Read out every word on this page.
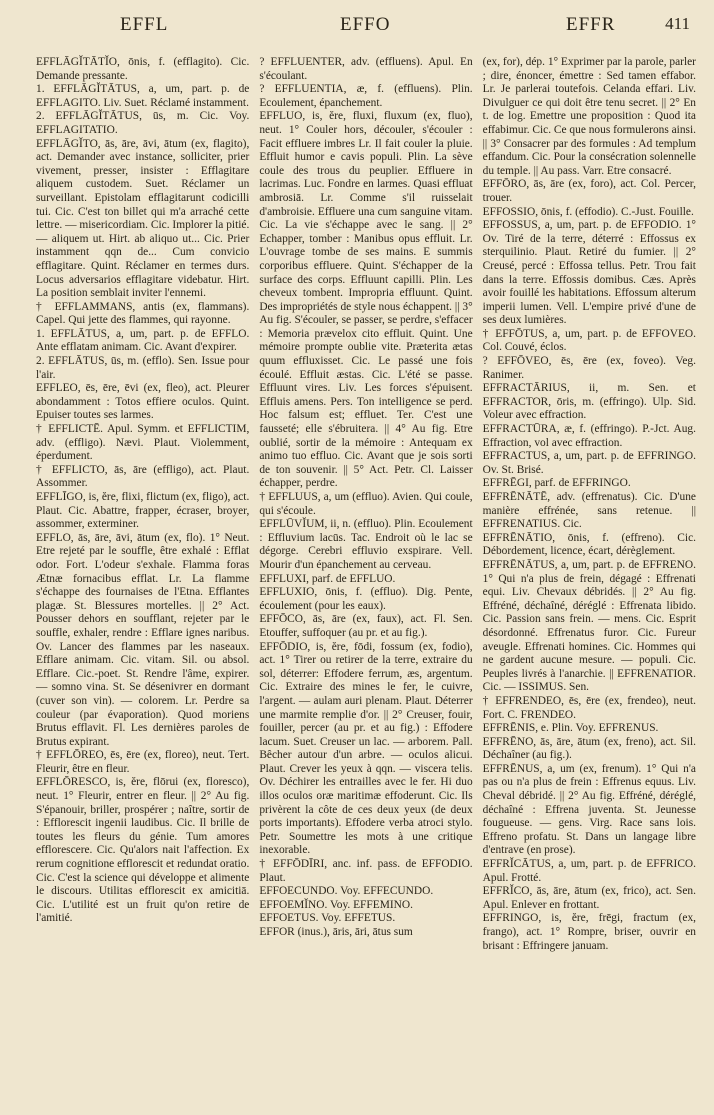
EFFL	EFFO	EFFR	411

EFFLĀGĬTĀTĬO, ōnis, f. (efflagito). Cic. Demande pressante.

1. EFFLĀGĬTĀTUS, a, um, part. p. de EFFLAGITO. Liv. Suet. Réclamé instamment.

2. EFFLĀGĬTĀTUS, ūs, m. Cic. Voy. EFFLAGITATIO.

EFFLĀGĬTO, ās, āre, āvi, ātum (ex, flagito), act. Demander avec instance, solliciter, prier vivement, presser, insister : Efflagitare aliquem custodem. Suet. Réclamer un surveillant. Epistolam efflagitarunt codicilli tui. Cic. C'est ton billet qui m'a arraché cette lettre. — misericordiam. Cic. Implorer la pitié. — aliquem ut. Hirt. ab aliquo ut... Cic. Prier instamment qqn de... Cum convicio efflagitare. Quint. Réclamer en termes durs. Locus adversarios efflagitare videbatur. Hirt. La position semblait inviter l'ennemi.

† EFFLAMMANS, antis (ex, flammans). Capel. Qui jette des flammes, qui rayonne.

1. EFFLĀTUS, a, um, part. p. de EFFLO. Ante efflatam animam. Cic. Avant d'expirer.

2. EFFLĀTUS, ūs, m. (efflo). Sen. Issue pour l'air.

EFFLEO, ēs, ēre, ēvi (ex, fleo), act. Pleurer abondamment : Totos effiere oculos. Quint. Epuiser toutes ses larmes.

† EFFLICTĒ. Apul. Symm. et EFFLICTIM, adv. (effligo). Nævi. Plaut. Violemment, éperdument.

† EFFLICTO, ās, āre (effligo), act. Plaut. Assommer.

EFFLĪGO, is, ĕre, flixi, flictum (ex, fligo), act. Plaut. Cic. Abattre, frapper, écraser, broyer, assommer, exterminer.

EFFLO, ās, āre, āvi, ātum (ex, flo). 1° Neut. Etre rejeté par le souffle, être exhalé : Efflat odor. Fort. L'odeur s'exhale. Flamma foras Ætnæ fornacibus efflat. Lr. La flamme s'échappe des fournaises de l'Etna. Efflantes plagæ. St. Blessures mortelles. || 2° Act. Pousser dehors en soufflant, rejeter par le souffle, exhaler, rendre : Efflare ignes naribus. Ov. Lancer des flammes par les naseaux. Efflare animam. Cic. vitam. Sil. ou absol. Efflare. Cic.-poet. St. Rendre l'âme, expirer. — somno vina. St. Se désenivrer en dormant (cuver son vin). — colorem. Lr. Perdre sa couleur (par évaporation). Quod moriens Brutus efflavit. Fl. Les dernières paroles de Brutus expirant.

† EFFLŌREO, ēs, ēre (ex, floreo), neut. Tert. Fleurir, être en fleur.

EFFLŌRESCO, is, ĕre, flōrui (ex, floresco), neut. 1° Fleurir, entrer en fleur. || 2° Au fig. S'épanouir, briller, prospérer ; naître, sortir de : Efflorescit ingenii laudibus. Cic. Il brille de toutes les fleurs du génie. Tum amores efflorescere. Cic. Qu'alors nait l'affection. Ex rerum cognitione efflorescit et redundat oratio. Cic. C'est la science qui développe et alimente le discours. Utilitas efflorescit ex amicitiā. Cic. L'utilité est un fruit qu'on retire de l'amitié.

? EFFLUENTER, adv. (effluens). Apul. En s'écoulant.

? EFFLUENTIA, æ, f. (effluens). Plin. Ecoulement, épanchement.

EFFLUO, is, ĕre, fluxi, fluxum (ex, fluo), neut. 1° Couler hors, découler, s'écouler : Facit effluere imbres Lr. Il fait couler la pluie. Effluit humor e cavis populi. Plin. La sève coule des trous du peuplier. Effluere in lacrimas. Luc. Fondre en larmes. Quasi effluat ambrosiā. Lr. Comme s'il ruisselait d'ambroisie. Effluere una cum sanguine vitam. Cic. La vie s'échappe avec le sang. || 2° Echapper, tomber : Manibus opus effluit. Lr. L'ouvrage tombe de ses mains. E summis corporibus effluere. Quint. S'échapper de la surface des corps. Effluunt capilli. Plin. Les cheveux tombent. Impropria effluunt. Quint. Des impropriétés de style nous échappent. || 3° Au fig. S'écouler, se passer, se perdre, s'effacer : Memoria prævelox cito effluit. Quint. Une mémoire prompte oublie vite. Præterita ætas quum effluxisset. Cic. Le passé une fois écoulé. Effluit æstas. Cic. L'été se passe. Effluunt vires. Liv. Les forces s'épuisent. Effluis amens. Pers. Ton intelligence se perd. Hoc falsum est; effluet. Ter. C'est une fausseté; elle s'ébruitera. || 4° Au fig. Etre oublié, sortir de la mémoire : Antequam ex animo tuo effluo. Cic. Avant que je sois sorti de ton souvenir. || 5° Act. Petr. Cl. Laisser échapper, perdre.

† EFFLUUS, a, um (effluo). Avien. Qui coule, qui s'écoule.

EFFLŪVĬUM, ii, n. (effluo). Plin. Ecoulement : Effluvium lacūs. Tac. Endroit où le lac se dégorge. Cerebri effluvio exspirare. Vell. Mourir d'un épanchement au cerveau.

EFFLUXI, parf. de EFFLUO.

EFFLUXIO, ōnis, f. (effluo). Dig. Pente, écoulement (pour les eaux).

EFFŌCO, ās, āre (ex, faux), act. Fl. Sen. Etouffer, suffoquer (au pr. et au fig.).

EFFŌDIO, is, ĕre, fōdi, fossum (ex, fodio), act. 1° Tirer ou retirer de la terre, extraire du sol, déterrer: Effodere ferrum, æs, argentum. Cic. Extraire des mines le fer, le cuivre, l'argent. — aulam auri plenam. Plaut. Déterrer une marmite remplie d'or. || 2° Creuser, fouir, fouiller, percer (au pr. et au fig.) : Effodere lacum. Suet. Creuser un lac. — arborem. Pall. Bêcher autour d'un arbre. — oculos alicui. Plaut. Crever les yeux à qqn. — viscera telis. Ov. Déchirer les entrailles avec le fer. Hi duo illos oculos oræ maritimæ effoderunt. Cic. Ils privèrent la côte de ces deux yeux (de deux ports importants). Effodere verba atroci stylo. Petr. Soumettre les mots à une critique inexorable.

† EFFŌDĪRI, anc. inf. pass. de EFFODIO. Plaut.

EFFOECUNDO. Voy. EFFECUNDO.

EFFOEMĬNO. Voy. EFFEMINO.

EFFOETUS. Voy. EFFETUS.

EFFOR (inus.), āris, āri, ātus sum

(ex, for), dép. 1° Exprimer par la parole, parler ; dire, énoncer, émettre : Sed tamen effabor. Lr. Je parlerai toutefois. Celanda effari. Liv. Divulguer ce qui doit être tenu secret. || 2° En t. de log. Emettre une proposition : Quod ita effabimur. Cic. Ce que nous formulerons ainsi. || 3° Consacrer par des formules : Ad templum effandum. Cic. Pour la consécration solennelle du temple. || Au pass. Varr. Etre consacré.

EFFŌRO, ās, āre (ex, foro), act. Col. Percer, trouer.

EFFOSSIO, ōnis, f. (effodio). C.-Just. Fouille.

EFFOSSUS, a, um, part. p. de EFFODIO. 1° Ov. Tiré de la terre, déterré : Effossus ex sterquilinio. Plaut. Retiré du fumier. || 2° Creusé, percé : Effossa tellus. Petr. Trou fait dans la terre. Effossis domibus. Cæs. Après avoir fouillé les habitations. Effossum alterum imperii lumen. Vell. L'empire privé d'une de ses deux lumières.

† EFFŌTUS, a, um, part. p. de EFFOVEO. Col. Couvé, éclos.

? EFFŌVEO, ēs, ēre (ex, foveo). Veg. Ranimer.

EFFRACTĀRIUS, ii, m. Sen. et EFFRACTOR, ōris, m. (effringo). Ulp. Sid. Voleur avec effraction.

EFFRACTŪRA, æ, f. (effringo). P.-Jct. Aug. Effraction, vol avec effraction.

EFFRACTUS, a, um, part. p. de EFFRINGO. Ov. St. Brisé.

EFFRĒGI, parf. de EFFRINGO.

EFFRĒNĀTĒ, adv. (effrenatus). Cic. D'une manière effrénée, sans retenue. || EFFRENATIUS. Cic.

EFFRĒNĀTIO, ōnis, f. (effreno). Cic. Débordement, licence, écart, dérèglement.

EFFRĒNĀTUS, a, um, part. p. de EFFRENO. 1° Qui n'a plus de frein, dégagé : Effrenati equi. Liv. Chevaux débridés. || 2° Au fig. Effréné, déchaîné, déréglé : Effrenata libido. Cic. Passion sans frein. — mens. Cic. Esprit désordonné. Effrenatus furor. Cic. Fureur aveugle. Effrenati homines. Cic. Hommes qui ne gardent aucune mesure. — populi. Cic. Peuples livrés à l'anarchie. || EFFRENATIOR. Cic. — ISSIMUS. Sen.

† EFFRENDEO, ēs, ēre (ex, frendeo), neut. Fort. C. FRENDEO.

EFFRĒNIS, e. Plin. Voy. EFFRENUS.

EFFRĒNO, ās, āre, ātum (ex, freno), act. Sil. Déchaîner (au fig.).

EFFRĒNUS, a, um (ex, frenum). 1° Qui n'a pas ou n'a plus de frein : Effrenus equus. Liv. Cheval débridé. || 2° Au fig. Effréné, déréglé, déchaîné : Effrena juventa. St. Jeunesse fougueuse. — gens. Virg. Race sans lois. Effreno profatu. St. Dans un langage libre d'entrave (en prose).

EFFRĬCĀTUS, a, um, part. p. de EFFRICO. Apul. Frotté.

EFFRĬCO, ās, āre, ātum (ex, frico), act. Sen. Apul. Enlever en frottant.

EFFRINGO, is, ĕre, frēgi, fractum (ex, frango), act. 1° Rompre, briser, ouvrir en brisant : Effringere januam.
